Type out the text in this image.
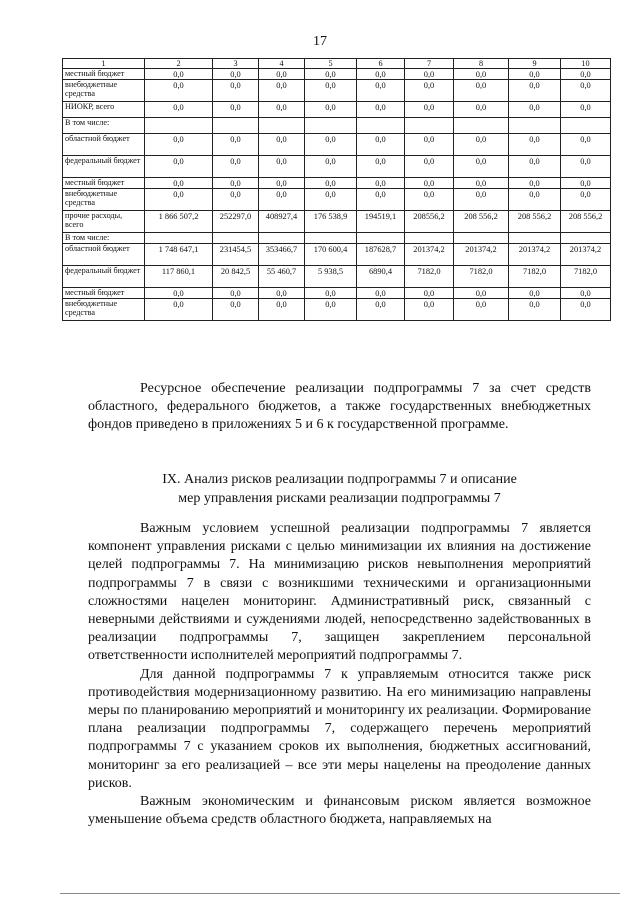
17
1	2	3	4	5	6	7	8	9	10
местный бюджет	0,0	0,0	0,0	0,0	0,0	0,0	0,0	0,0	0,0
внебюджетные средства	0,0	0,0	0,0	0,0	0,0	0,0	0,0	0,0	0,0
НИОКР, всего	0,0	0,0	0,0	0,0	0,0	0,0	0,0	0,0	0,0
В том числе:									
областной бюджет	0,0	0,0	0,0	0,0	0,0	0,0	0,0	0,0	0,0
федеральный бюджет	0,0	0,0	0,0	0,0	0,0	0,0	0,0	0,0	0,0
местный бюджет	0,0	0,0	0,0	0,0	0,0	0,0	0,0	0,0	0,0
внебюджетные средства	0,0	0,0	0,0	0,0	0,0	0,0	0,0	0,0	0,0
прочие расходы, всего	1 866 507,2	252297,0	408927,4	176 538,9	194519,1	208556,2	208 556,2	208 556,2	208 556,2
В том числе:									
областной бюджет	1 748 647,1	231454,5	353466,7	170 600,4	187628,7	201374,2	201374,2	201374,2	201374,2
федеральный бюджет	117 860,1	20 842,5	55 460,7	5 938,5	6890,4	7182,0	7182,0	7182,0	7182,0
местный бюджет	0,0	0,0	0,0	0,0	0,0	0,0	0,0	0,0	0,0
внебюджетные средства	0,0	0,0	0,0	0,0	0,0	0,0	0,0	0,0	0,0

Ресурсное обеспечение реализации подпрограммы 7 за счет средств областного, федерального бюджетов, а также государственных внебюджетных фондов приведено в приложениях 5 и 6 к государственной программе.

IX. Анализ рисков реализации подпрограммы 7 и описание
мер управления рисками реализации подпрограммы 7

Важным условием успешной реализации подпрограммы 7 является компонент управления рисками с целью минимизации их влияния на достижение целей подпрограммы 7. На минимизацию рисков невыполнения мероприятий подпрограммы 7 в связи с возникшими техническими и организационными сложностями нацелен мониторинг. Административный риск, связанный с неверными действиями и суждениями людей, непосредственно задействованных в реализации подпрограммы 7, защищен закреплением персональной ответственности исполнителей мероприятий подпрограммы 7.

Для данной подпрограммы 7 к управляемым относится также риск противодействия модернизационному развитию. На его минимизацию направлены меры по планированию мероприятий и мониторингу их реализации. Формирование плана реализации подпрограммы 7, содержащего перечень мероприятий подпрограммы 7 с указанием сроков их выполнения, бюджетных ассигнований, мониторинг за его реализацией – все эти меры нацелены на преодоление данных рисков.

Важным экономическим и финансовым риском является возможное уменьшение объема средств областного бюджета, направляемых на
